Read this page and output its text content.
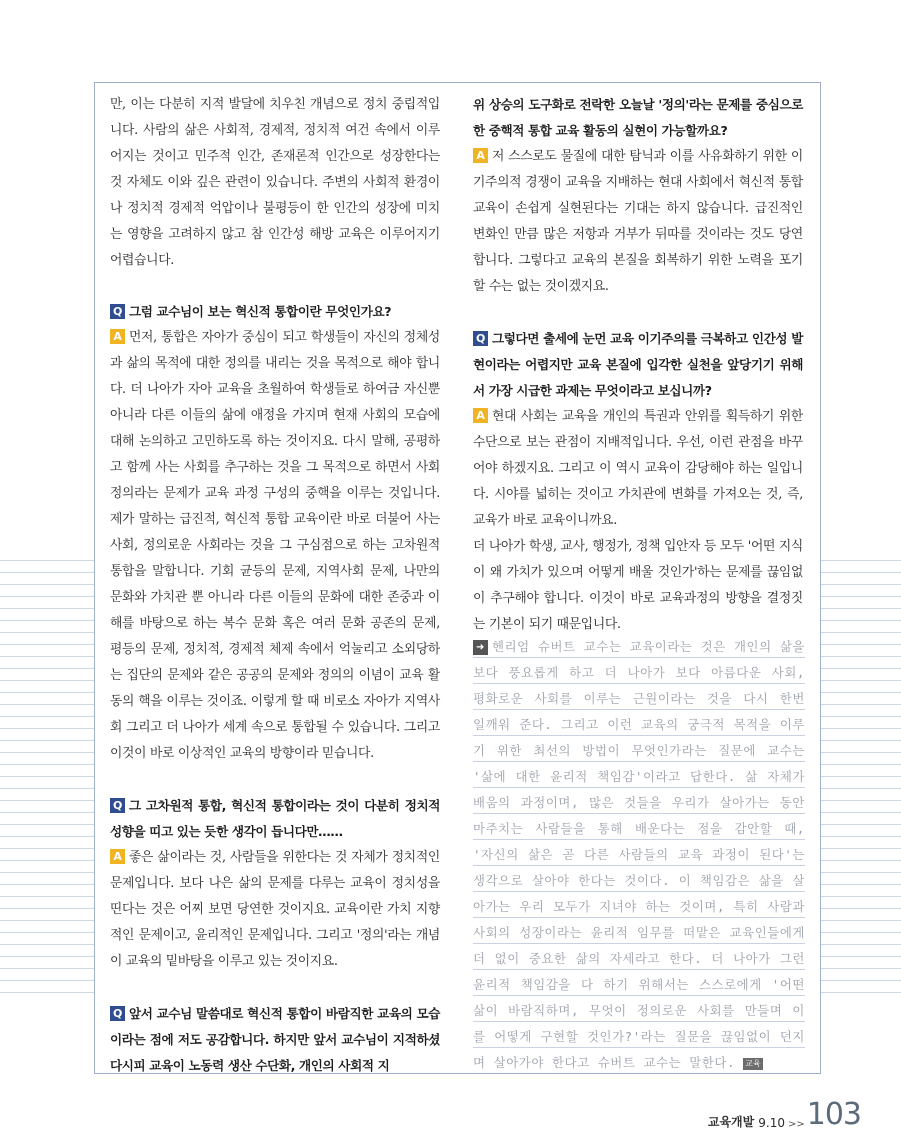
만, 이는 다분히 지적 발달에 치우친 개념으로 정치 중립적입니다. 사람의 삶은 사회적, 경제적, 정치적 여건 속에서 이루어지는 것이고 민주적 인간, 존재론적 인간으로 성장한다는 것 자체도 이와 깊은 관련이 있습니다. 주변의 사회적 환경이나 정치적 경제적 억압이나 불평등이 한 인간의 성장에 미치는 영향을 고려하지 않고 참 인간성 해방 교육은 이루어지기 어렵습니다.

Q 그럼 교수님이 보는 혁신적 통합이란 무엇인가요?

A 먼저, 통합은 자아가 중심이 되고 학생들이 자신의 정체성과 삶의 목적에 대한 정의를 내리는 것을 목적으로 해야 합니다. 더 나아가 자아 교육을 초월하여 학생들로 하여금 자신뿐 아니라 다른 이들의 삶에 애정을 가지며 현재 사회의 모습에 대해 논의하고 고민하도록 하는 것이지요. 다시 말해, 공평하고 함께 사는 사회를 추구하는 것을 그 목적으로 하면서 사회 정의라는 문제가 교육 과정 구성의 중핵을 이루는 것입니다. 제가 말하는 급진적, 혁신적 통합 교육이란 바로 더불어 사는 사회, 정의로운 사회라는 것을 그 구심점으로 하는 고차원적 통합을 말합니다. 기회 균등의 문제, 지역사회 문제, 나만의 문화와 가치관 뿐 아니라 다른 이들의 문화에 대한 존중과 이해를 바탕으로 하는 복수 문화 혹은 여러 문화 공존의 문제, 평등의 문제, 정치적, 경제적 체제 속에서 억눌리고 소외당하는 집단의 문제와 같은 공공의 문제와 정의의 이념이 교육 활동의 핵을 이루는 것이죠. 이렇게 할 때 비로소 자아가 지역사회 그리고 더 나아가 세계 속으로 통합될 수 있습니다. 그리고 이것이 바로 이상적인 교육의 방향이라 믿습니다.

Q 그 고차원적 통합, 혁신적 통합이라는 것이 다분히 정치적 성향을 띠고 있는 듯한 생각이 듭니다만……

A 좋은 삶이라는 것, 사람들을 위한다는 것 자체가 정치적인 문제입니다. 보다 나은 삶의 문제를 다루는 교육이 정치성을 띤다는 것은 어찌 보면 당연한 것이지요. 교육이란 가치 지향적인 문제이고, 윤리적인 문제입니다. 그리고 '정의'라는 개념이 교육의 밑바탕을 이루고 있는 것이지요.

Q 앞서 교수님 말씀대로 혁신적 통합이 바람직한 교육의 모습이라는 점에 저도 공감합니다. 하지만 앞서 교수님이 지적하셨다시피 교육이 노동력 생산 수단화, 개인의 사회적 지

위 상승의 도구화로 전락한 오늘날 '정의'라는 문제를 중심으로 한 중핵적 통합 교육 활동의 실현이 가능할까요?

A 저 스스로도 물질에 대한 탐닉과 이를 사유화하기 위한 이기주의적 경쟁이 교육을 지배하는 현대 사회에서 혁신적 통합 교육이 손쉽게 실현된다는 기대는 하지 않습니다. 급진적인 변화인 만큼 많은 저항과 거부가 뒤따를 것이라는 것도 당연합니다. 그렇다고 교육의 본질을 회복하기 위한 노력을 포기할 수는 없는 것이겠지요.

Q 그렇다면 출세에 눈먼 교육 이기주의를 극복하고 인간성 발현이라는 어렵지만 교육 본질에 입각한 실천을 앞당기기 위해서 가장 시급한 과제는 무엇이라고 보십니까?

A 현대 사회는 교육을 개인의 특권과 안위를 획득하기 위한 수단으로 보는 관점이 지배적입니다. 우선, 이런 관점을 바꾸어야 하겠지요. 그리고 이 역시 교육이 감당해야 하는 일입니다. 시야를 넓히는 것이고 가치관에 변화를 가져오는 것, 즉, 교육가 바로 교육이니까요.

더 나아가 학생, 교사, 행정가, 정책 입안자 등 모두 '어떤 지식이 왜 가치가 있으며 어떻게 배울 것인가'하는 문제를 끊임없이 추구해야 합니다. 이것이 바로 교육과정의 방향을 결정짓는 기본이 되기 때문입니다.

➜ 헨리엄 슈버트 교수는 교육이라는 것은 개인의 삶을 보다 풍요롭게 하고 더 나아가 보다 아름다운 사회, 평화로운 사회를 이루는 근원이라는 것을 다시 한번 일깨워 준다. 그리고 이런 교육의 궁극적 목적을 이루기 위한 최선의 방법이 무엇인가라는 질문에 교수는 '삶에 대한 윤리적 책임감'이라고 답한다. 삶 자체가 배움의 과정이며, 많은 것들을 우리가 살아가는 동안 마주치는 사람들을 통해 배운다는 점을 감안할 때, '자신의 삶은 곧 다른 사람들의 교육 과정이 된다'는 생각으로 살아야 한다는 것이다. 이 책임감은 삶을 살아가는 우리 모두가 지녀야 하는 것이며, 특히 사람과 사회의 성장이라는 윤리적 임무를 떠맡은 교육인들에게 더 없이 중요한 삶의 자세라고 한다. 더 나아가 그런 윤리적 책임감을 다 하기 위해서는 스스로에게 '어떤 삶이 바람직하며, 무엇이 정의로운 사회를 만들며 이를 어떻게 구현할 것인가?'라는 질문을 끊임없이 던지며 살아가야 한다고 슈버트 교수는 말한다. 교육
교육개발 9.10 >> 103
